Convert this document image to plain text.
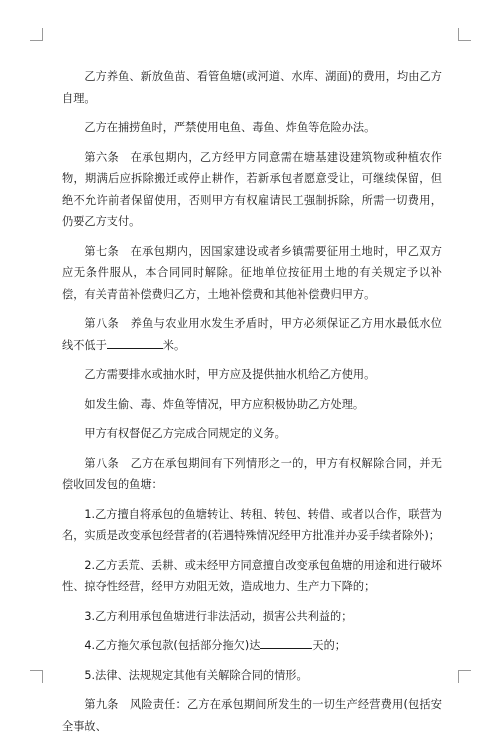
乙方养鱼、新放鱼苗、看管鱼塘(或河道、水库、湖面)的费用，均由乙方自理。

乙方在捕捞鱼时，严禁使用电鱼、毒鱼、炸鱼等危险办法。

第六条　在承包期内，乙方经甲方同意需在塘基建设建筑物或种植农作物，期满后应拆除搬迁或停止耕作，若新承包者愿意受让，可继续保留，但绝不允许前者保留使用，否则甲方有权雇请民工强制拆除，所需一切费用，仍要乙方支付。

第七条　在承包期内，因国家建设或者乡镇需要征用土地时，甲乙双方应无条件服从，本合同同时解除。征地单位按征用土地的有关规定予以补偿，有关青苗补偿费归乙方，土地补偿费和其他补偿费归甲方。

第八条　养鱼与农业用水发生矛盾时，甲方必须保证乙方用水最低水位线不低于	米。

乙方需要排水或抽水时，甲方应及提供抽水机给乙方使用。

如发生偷、毒、炸鱼等情况，甲方应积极协助乙方处理。

甲方有权督促乙方完成合同规定的义务。

第八条　乙方在承包期间有下列情形之一的，甲方有权解除合同，并无偿收回发包的鱼塘：

1.乙方擅自将承包的鱼塘转让、转租、转包、转借、或者以合作，联营为名，实质是改变承包经营者的(若遇特殊情况经甲方批准并办妥手续者除外)；

2.乙方丢荒、丢耕、或未经甲方同意擅自改变承包鱼塘的用途和进行破坏性、掠夺性经营，经甲方劝阻无效，造成地力、生产力下降的；

3.乙方利用承包鱼塘进行非法活动，损害公共利益的；

4.乙方拖欠承包款(包括部分拖欠)达	天的；

5.法律、法规规定其他有关解除合同的情形。

第九条　风险责任：乙方在承包期间所发生的一切生产经营费用(包括安全事故、
